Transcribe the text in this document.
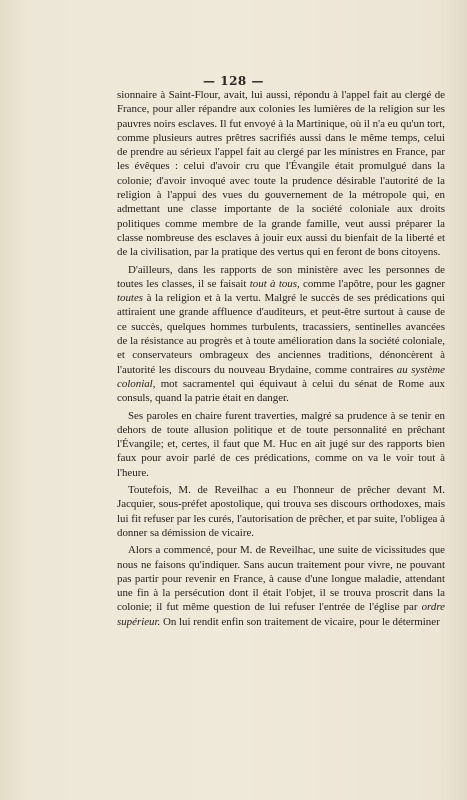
— 128 —

sionnaire à Saint-Flour, avait, lui aussi, répondu à l'appel fait au clergé de France, pour aller répandre aux colonies les lumières de la religion sur les pauvres noirs esclaves. Il fut envoyé à la Martinique, où il n'a eu qu'un tort, comme plusieurs autres prêtres sacrifiés aussi dans le même temps, celui de prendre au sérieux l'appel fait au clergé par les ministres en France, par les évêques : celui d'avoir cru que l'Évangile était promulgué dans la colonie; d'avoir invoqué avec toute la prudence désirable l'autorité de la religion à l'appui des vues du gouvernement de la métropole qui, en admettant une classe importante de la société coloniale aux droits politiques comme membre de la grande famille, veut aussi préparer la classe nombreuse des esclaves à jouir eux aussi du bienfait de la liberté et de la civilisation, par la pratique des vertus qui en feront de bons citoyens.

D'ailleurs, dans les rapports de son ministère avec les personnes de toutes les classes, il se faisait tout à tous, comme l'apôtre, pour les gagner toutes à la religion et à la vertu. Malgré le succès de ses prédications qui attiraient une grande affluence d'auditeurs, et peut-être surtout à cause de ce succès, quelques hommes turbulents, tracassiers, sentinelles avancées de la résistance au progrès et à toute amélioration dans la société coloniale, et conservateurs ombrageux des anciennes traditions, dénoncèrent à l'autorité les discours du nouveau Brydaine, comme contraires au système colonial, mot sacramentel qui équivaut à celui du sénat de Rome aux consuls, quand la patrie était en danger.

Ses paroles en chaire furent traverties, malgré sa prudence à se tenir en dehors de toute allusion politique et de toute personnalité en prêchant l'Évangile; et, certes, il faut que M. Huc en ait jugé sur des rapports bien faux pour avoir parlé de ces prédications, comme on va le voir tout à l'heure.

Toutefois, M. de Reveilhac a eu l'honneur de prêcher devant M. Jacquier, sous-préfet apostolique, qui trouva ses discours orthodoxes, mais lui fit refuser par les curés, l'autorisation de prêcher, et par suite, l'obligea à donner sa démission de vicaire.

Alors a commencé, pour M. de Reveilhac, une suite de vicissitudes que nous ne faisons qu'indiquer. Sans aucun traitement pour vivre, ne pouvant pas partir pour revenir en France, à cause d'une longue maladie, attendant une fin à la persécution dont il était l'objet, il se trouva proscrit dans la colonie; il fut même question de lui refuser l'entrée de l'église par ordre supérieur. On lui rendit enfin son traitement de vicaire, pour le déterminer
